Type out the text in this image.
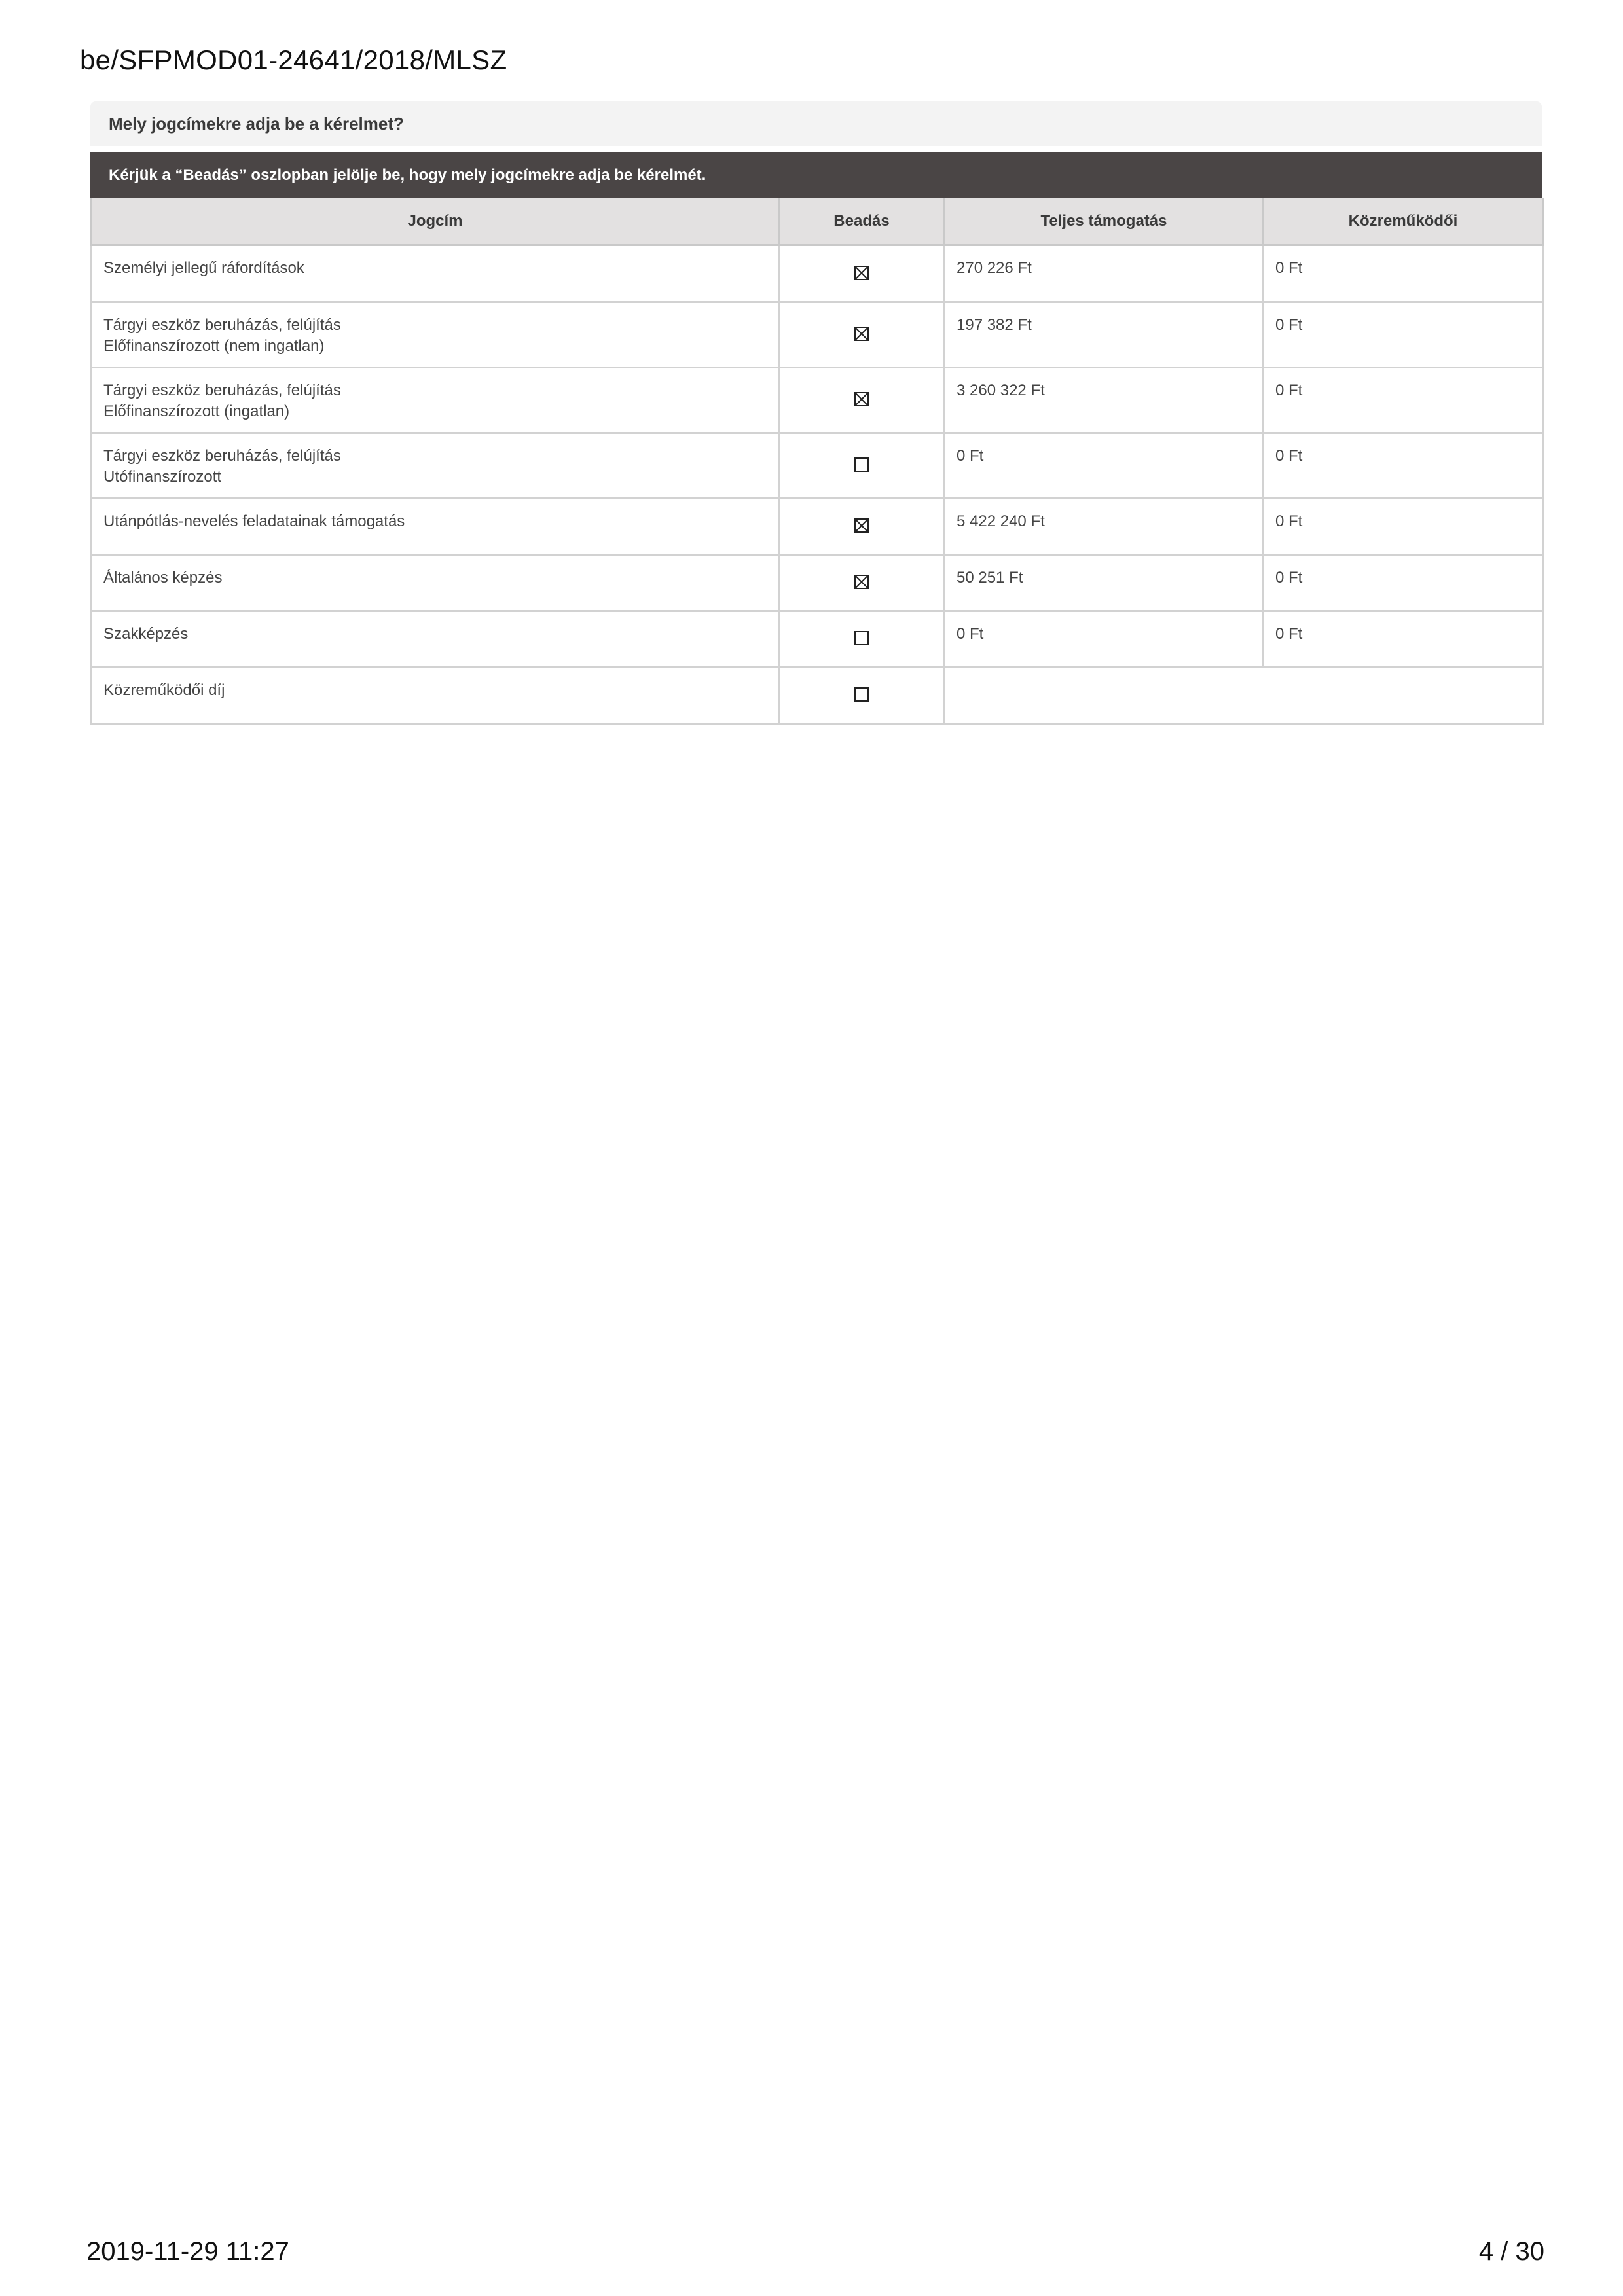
be/SFPMOD01-24641/2018/MLSZ
Mely jogcímekre adja be a kérelmet?
Kérjük a “Beadás” oszlopban jelölje be, hogy mely jogcímekre adja be kérelmét.
Jogcím	Beadás	Teljes támogatás	Közreműködői
Személyi jellegű ráfordítások		270 226 Ft	0 Ft

Tárgyi eszköz beruházás, felújítás
Előfinanszírozott (nem ingatlan)		197 382 Ft	0 Ft

Tárgyi eszköz beruházás, felújítás
Előfinanszírozott (ingatlan)		3 260 322 Ft	0 Ft

Tárgyi eszköz beruházás, felújítás
Utófinanszírozott		0 Ft	0 Ft
Utánpótlás-nevelés feladatainak támogatás		5 422 240 Ft	0 Ft
Általános képzés		50 251 Ft	0 Ft
Szakképzés		0 Ft	0 Ft
Közreműködői díj			
2019-11-29 11:27	4 / 30
